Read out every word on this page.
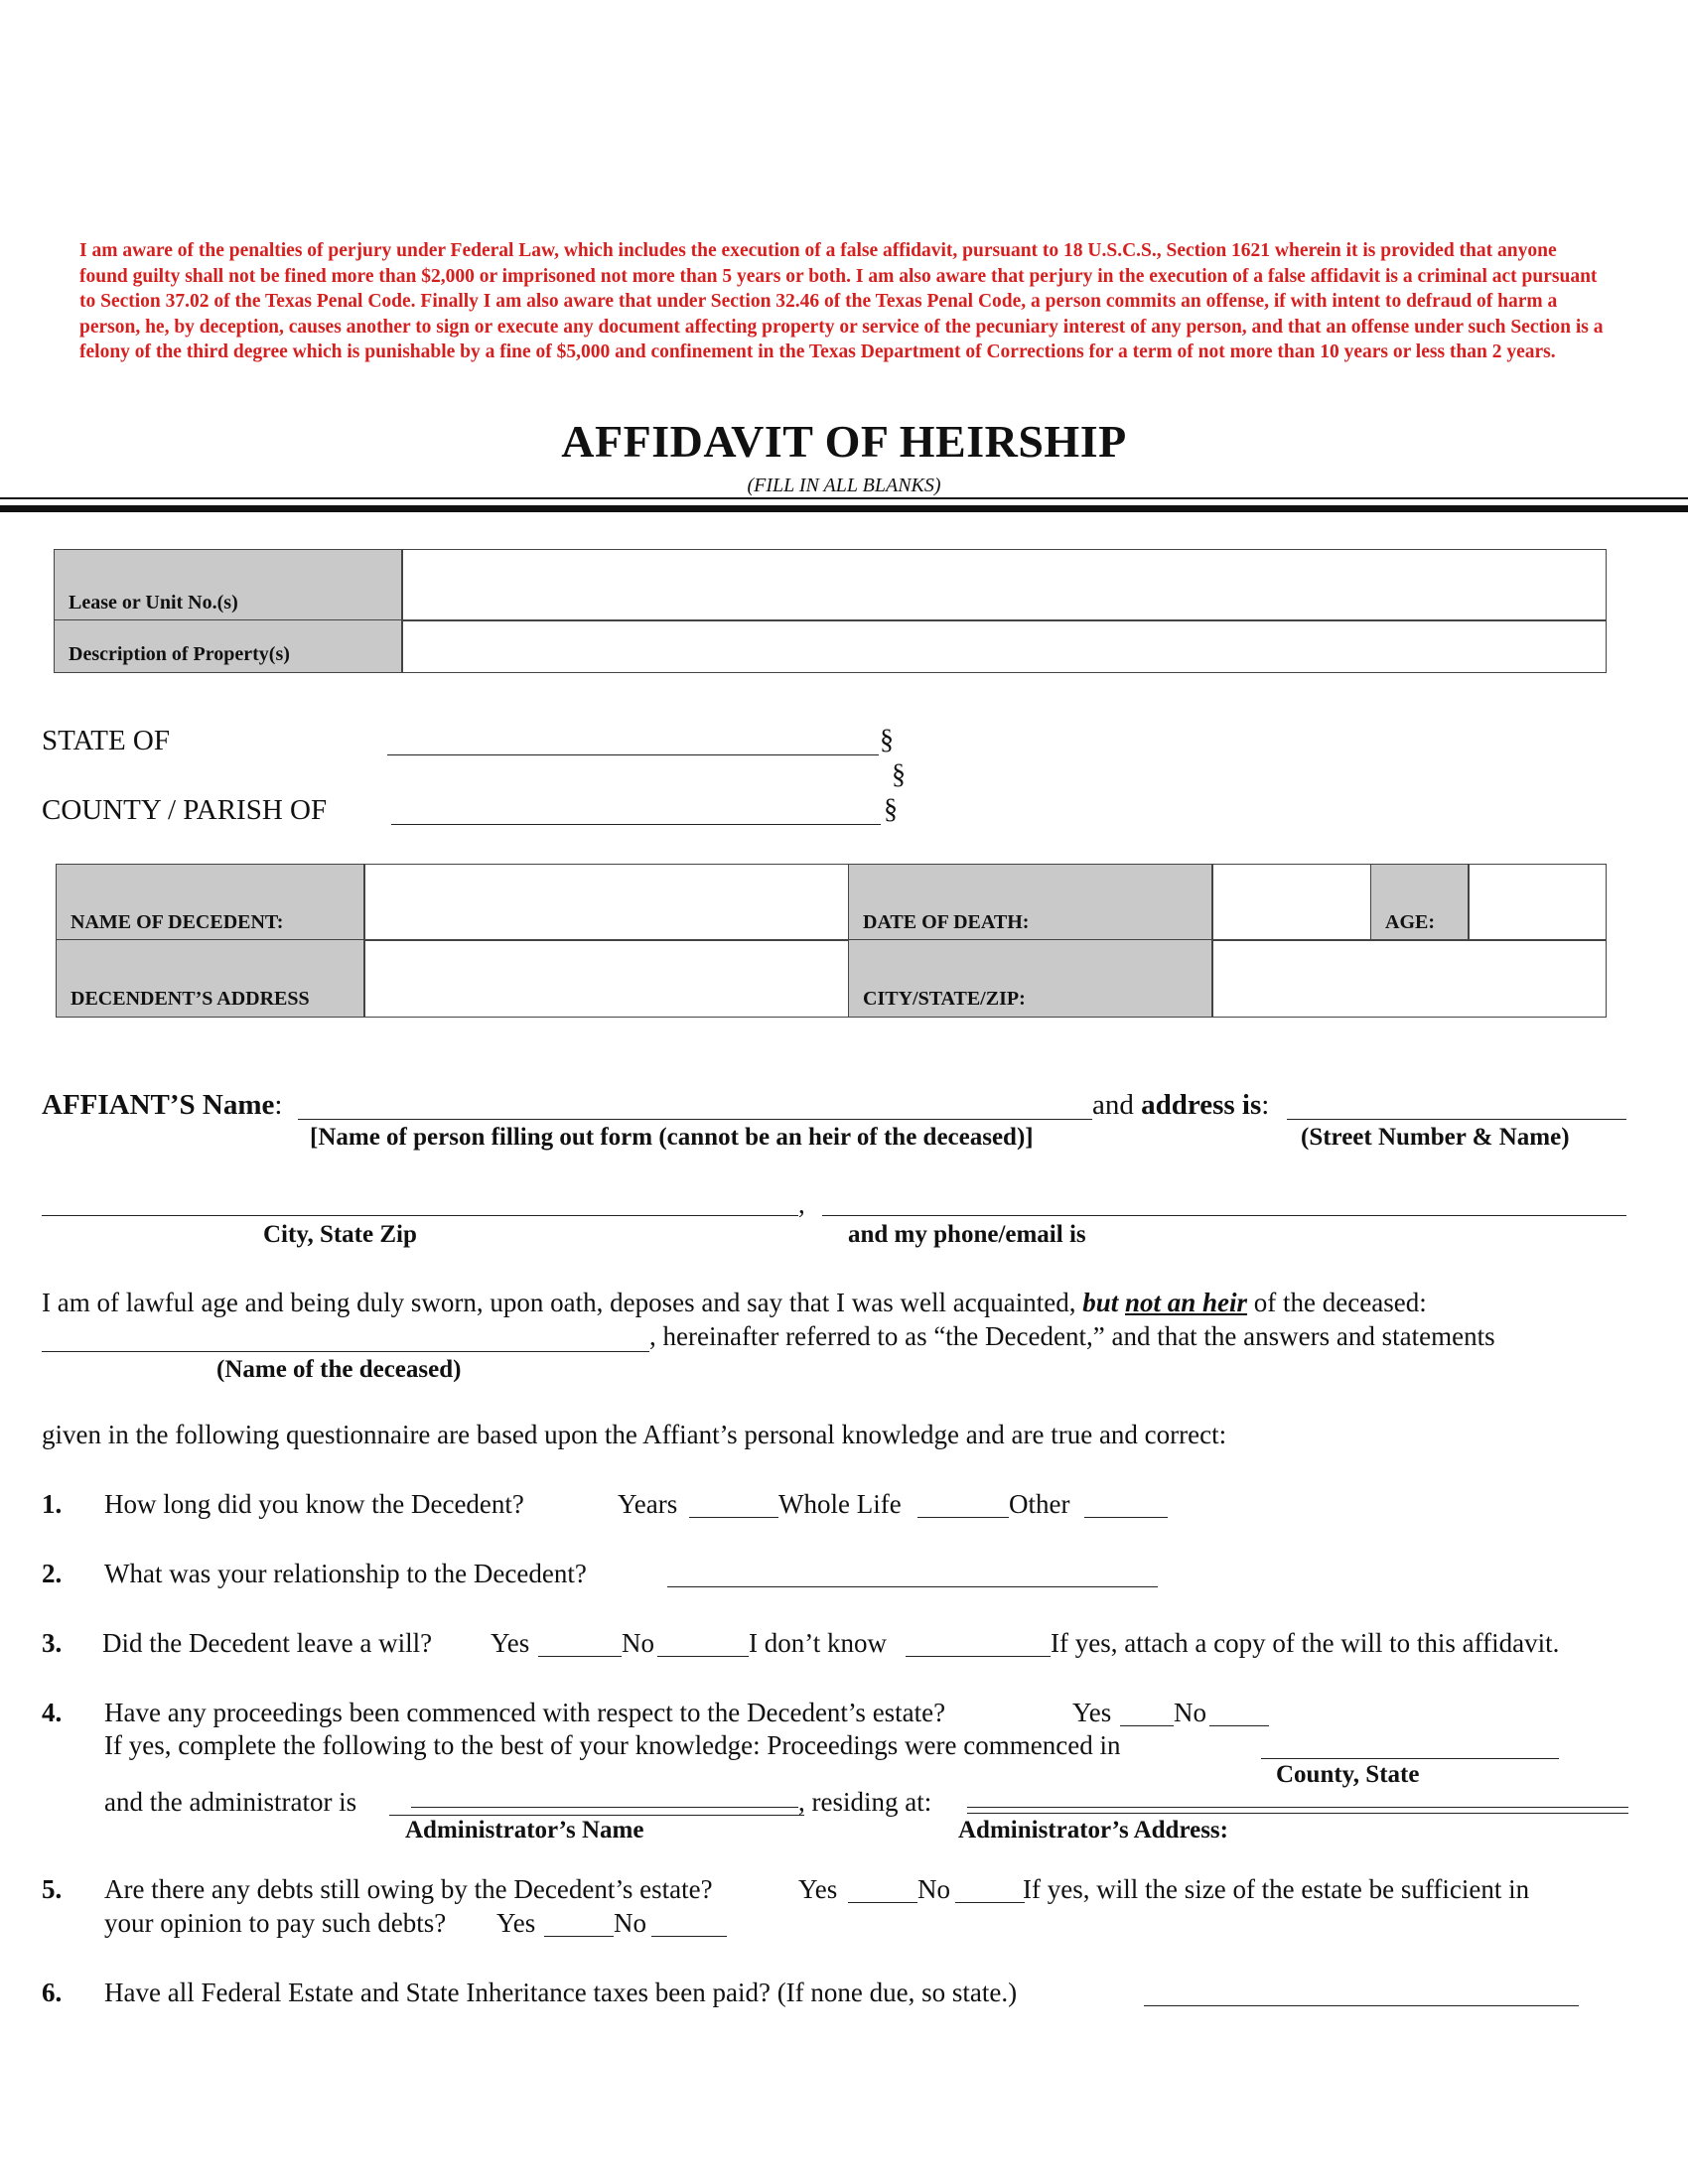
I am aware of the penalties of perjury under Federal Law, which includes the execution of a false affidavit, pursuant to 18 U.S.C.S., Section 1621 wherein it is provided that anyone found guilty shall not be fined more than $2,000 or imprisoned not more than 5 years or both. I am also aware that perjury in the execution of a false affidavit is a criminal act pursuant to Section 37.02 of the Texas Penal Code. Finally I am also aware that under Section 32.46 of the Texas Penal Code, a person commits an offense, if with intent to defraud of harm a person, he, by deception, causes another to sign or execute any document affecting property or service of the pecuniary interest of any person, and that an offense under such Section is a felony of the third degree which is punishable by a fine of $5,000 and confinement in the Texas Department of Corrections for a term of not more than 10 years or less than 2 years.
AFFIDAVIT OF HEIRSHIP
(FILL IN ALL BLANKS)
Lease or Unit No.(s)
Description of Property(s)
STATE OF	§
§
§
COUNTY / PARISH OF
NAME OF DECEDENT:	DATE OF DEATH:	AGE:
DECENDENT’S ADDRESS	CITY/STATE/ZIP:
AFFIANT’S Name:	and address is:
[Name of person filling out form (cannot be an heir of the deceased)]	(Street Number & Name)
,
City, State Zip	and my phone/email is
I am of lawful age and being duly sworn, upon oath, deposes and say that I was well acquainted, but not an heir of the deceased:
, hereinafter referred to as “the Decedent,” and that the answers and statements
(Name of the deceased)
given in the following questionnaire are based upon the Affiant’s personal knowledge and are true and correct:
1. How long did you know the Decedent?	Years	Whole Life	Other
2. What was your relationship to the Decedent?
3. Did the Decedent leave a will? Yes	No	I don’t know	If yes, attach a copy of the will to this affidavit.
4. Have any proceedings been commenced with respect to the Decedent’s estate?	Yes No
If yes, complete the following to the best of your knowledge: Proceedings were commenced in
County, State
and the administrator is	, residing at:
Administrator’s Name	Administrator’s Address:
5. Are there any debts still owing by the Decedent’s estate?	Yes	No	If yes, will the size of the estate be sufficient in
your opinion to pay such debts? Yes	No
6. Have all Federal Estate and State Inheritance taxes been paid? (If none due, so state.)
